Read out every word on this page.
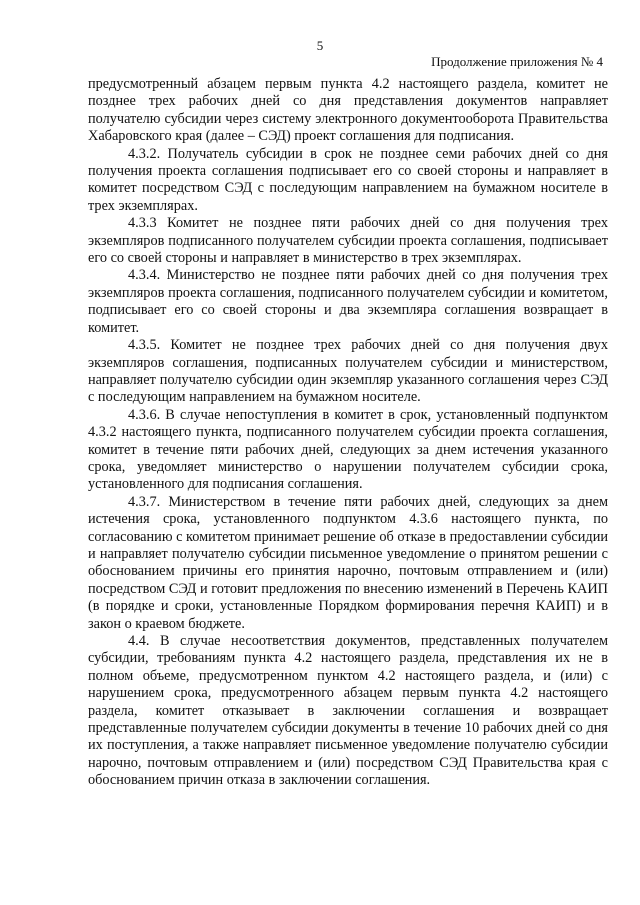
5
Продолжение приложения № 4

предусмотренный абзацем первым пункта 4.2 настоящего раздела, комитет не позднее трех рабочих дней со дня представления документов направляет получателю субсидии через систему электронного документооборота Правительства Хабаровского края (далее – СЭД) проект соглашения для подписания.

4.3.2. Получатель субсидии в срок не позднее семи рабочих дней со дня получения проекта соглашения подписывает его со своей стороны и направляет в комитет посредством СЭД с последующим направлением на бумажном носителе в трех экземплярах.

4.3.3 Комитет не позднее пяти рабочих дней со дня получения трех экземпляров подписанного получателем субсидии проекта соглашения, подписывает его со своей стороны и направляет в министерство в трех экземплярах.

4.3.4. Министерство не позднее пяти рабочих дней со дня получения трех экземпляров проекта соглашения, подписанного получателем субсидии и комитетом, подписывает его со своей стороны и два экземпляра соглашения возвращает в комитет.

4.3.5. Комитет не позднее трех рабочих дней со дня получения двух экземпляров соглашения, подписанных получателем субсидии и министерством, направляет получателю субсидии один экземпляр указанного соглашения через СЭД с последующим направлением на бумажном носителе.

4.3.6. В случае непоступления в комитет в срок, установленный подпунктом 4.3.2 настоящего пункта, подписанного получателем субсидии проекта соглашения, комитет в течение пяти рабочих дней, следующих за днем истечения указанного срока, уведомляет министерство о нарушении получателем субсидии срока, установленного для подписания соглашения.

4.3.7. Министерством в течение пяти рабочих дней, следующих за днем истечения срока, установленного подпунктом 4.3.6 настоящего пункта, по согласованию с комитетом принимает решение об отказе в предоставлении субсидии и направляет получателю субсидии письменное уведомление о принятом решении с обоснованием причины его принятия нарочно, почтовым отправлением и (или) посредством СЭД и готовит предложения по внесению изменений в Перечень КАИП (в порядке и сроки, установленные Порядком формирования перечня КАИП) и в закон о краевом бюджете.

4.4. В случае несоответствия документов, представленных получателем субсидии, требованиям пункта 4.2 настоящего раздела, представления их не в полном объеме, предусмотренном пунктом 4.2 настоящего раздела, и (или) с нарушением срока, предусмотренного абзацем первым пункта 4.2 настоящего раздела, комитет отказывает в заключении соглашения и возвращает представленные получателем субсидии документы в течение 10 рабочих дней со дня их поступления, а также направляет письменное уведомление получателю субсидии нарочно, почтовым отправлением и (или) посредством СЭД Правительства края с обоснованием причин отказа в заключении соглашения.
